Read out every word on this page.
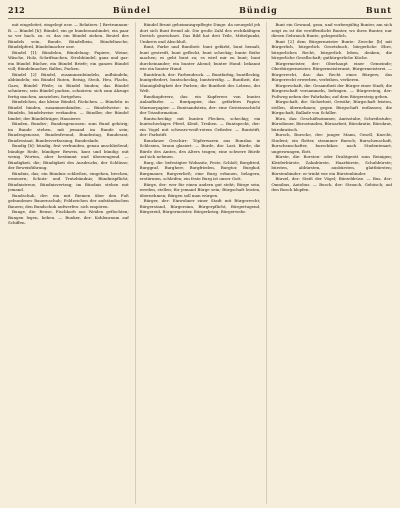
212	Bündel	Bündig	Bunt

mit eingeleitet, eingelegt usw. — Belatiers: [ Bretrunnum-B. — Bündel [b]: Bündel, ein ge bunderausbindet, ein paar so ver bach. zu. ei. das ein Bündel ziehen, Beutel des Bündels sein, Bunde, Bündelbein, Bündeltasche, Bündelpferd, Bündelmacher usw.

Bündel [1]: Bündelen, Bündelung: Papiere, Weine, Wäsche, Holz, Schriftsachen, Strohbündel, ganz und gar: ein Bündel Bücher, ein Bündel Briefe; ein ganzes Bündel voll; Bündelmacher, Ballen, Packen.

Bündel [2] Bündel, zusammenbündeln, aufbündeln, abbündeln; ein Bündel Ruten, Reisig, Stroh, Heu, Flachs, Garn; Bündel Pfeile; in Bündel binden; das Bündel schnüren; sein Bündel packen, schnüren: sich zum Abzuge fertig machen, ausziehen, fortgehen.

Bündelchen, das kleine Bündel, Päckchen. — Bündeln: in Bündel binden, zusammenbinden. — Bündelweise: in Bündeln, bündelweise verkaufen. — Bündler, der Bündel bindet; der Bündelträger, Hausierer.

Bünden, Bundes-, Bundesgenossen: zum Bund gehörig; im Bunde stehen, mit jemand im Bunde sein; Bundesgenosse, Bundesfreund, Bundestag, Bundesrat, Bundesstaat, Bundesverfassung, Bundeslade.

Bundig [b]: bündig, fest verbunden, genau anschließend; bündige Rede, bündiger Beweis, kurz und bündig: mit wenig Worten, aber bestimmt und überzeugend. — Bündigkeit, die; Bündigkeit des Ausdrucks, der Schlüsse, der Beweisführung.

Bündnis, das; ein Bündnis schließen, eingehen, brechen, erneuern; Schutz- und Trutzbündnis; Bündnispflicht, Bündnistreue, Bündnisvertrag; im Bündnis stehen mit jemand.

Bundschuh, der: ein mit Riemen über den Fuß gebundener Bauernschuh; Feldzeichen der aufständischen Bauern; den Bundschuh aufwerfen: sich empören.

Bunge, die: Reuse, Fischkorb aus Weiden geflochten; Bungen legen, heben. — Bunker, der: Kohlenraum auf Schiffen.

Bündel Brunt geheimnisgepflegte Dinge: da neuegeld jeh dort sich Bunt fremd ab. Die große Zahl des rechtkältigen Dertich gezeichnet. Das Bild hat drei Teile, Mittelpunkt, Umkreis und Abschluß.

Bunt, Farbe und Buntheit: bunt gefärbt, bunt bemalt, bunt gestreift, bunt gefleckt, bunt scheckig; bunte Reihe machen; es geht bunt zu; es wird mir zu bunt; bunt durcheinander; ein bunter Abend; bunter Hund: bekannt wie ein bunter Hund.

Buntdruck, der: Farbendruck. — Buntfarbig, buntfleckig, buntgefiedert, buntscheckig, buntstreifig. — Buntheit, die: Mannigfaltigkeit der Farben; die Buntheit des Lebens, der Welt.

Buntkupfererz, das: ein Kupfererz von bunter Anlauffarbe. — Buntpapier, das: gefärbtes Papier, Marmorpapier. — Buntsandstein, der: eine Gesteinsschicht der Triasformation.

Buntscheckig: mit bunten Flecken, scheckig; ein buntscheckiges Pferd, Kleid, Treiben. — Buntspecht, der: ein Vogel mit schwarz-weiß-rotem Gefieder. — Buntstift, der: Farbstift.

Bunzlauer Geschirr: Töpferwaren aus Bunzlau in Schlesien, braun glasiert. — Burde, die: Last, Bürde; die Bürde des Amtes, des Alters tragen; eine schwere Bürde auf sich nehmen.

Burg, die: befestigter Wohnsitz, Feste, Schloß; Burgfried, Burggraf, Burgherr, Burgfrieden, Burgtor, Burghof, Burgmauer, Burgverließ; eine Burg erbauen, belagern, erstürmen, schleifen; ein feste Burg ist unser Gott.

Bürge, der: wer für einen andern gut steht; Bürge sein, werden, stellen; für jemand Bürge sein; Bürgschaft leisten, übernehmen; Bürgen soll man würgen.

Bürger, der: Einwohner einer Stadt mit Bürgerrecht; Bürgerstand, Bürgersinn, Bürgerpflicht, Bürgertugend, Bürgereid, Bürgermeister, Bürgerkrieg, Bürgerwehr.

Bunt ein Gewand, grau, und vorbergültig Bunter, am sich zeigt zu ist die veröffentlicht Bunter, wo ihres Bunter, nur diesen Gebrauch Bunte, gelegentlich.

Bunt [2] dem Bürgermeister Bunte: Zwecke [b] mit Bürgerlich, bürgerlich Gesetzbuch, bürgerliche Ehre, bürgerliches Recht; bürgerlich leben, denken; die bürgerliche Gesellschaft; gutbürgerliche Küche.

Bürgermeister, der: Oberhaupt einer Gemeinde; Oberbürgermeister, Bürgermeisteramt, Bürgermeisterei. — Bürgerrecht, das: das Recht eines Bürgers; das Bürgerrecht erwerben, verleihen, verlieren.

Bürgerschaft, die: Gesamtheit der Bürger einer Stadt; die Bürgerschaft versammeln, befragen. — Bürgersteig, der: Fußweg neben der Fahrbahn; auf dem Bürgersteig gehen.

Bürgschaft, die: Sicherheit, Gewähr; Bürgschaft leisten, stellen, übernehmen; gegen Bürgschaft entlassen; die Bürgschaft, Ballade von Schiller.

Büro, das: Geschäftszimmer, Amtsstube, Schreibstube; Bürodiener, Bürostunden, Büroarbeit, Bürokratie, Bürokrat, bürokratisch.

Bursch, Bursche, der: junger Mann, Gesell, Knecht, Student; ein flotter, strammer Bursch; Burschenschaft, Burschenschafter, burschikos: nach Studentenart, ungezwungen, flott.

Bürste, die: Borsten- oder Drahtgerät zum Reinigen; Kleiderbürste, Zahnbürste, Haarbürste, Schuhbürste; bürsten, abbürsten, ausbürsten, glattbürsten; Bürstenbinder: er trinkt wie ein Bürstenbinder.

Bürzel, der: Steiß der Vögel; Bürzeldrüse. — Bus, der: Omnibus, Autobus. — Busch, der: Strauch, Gebüsch; auf den Busch klopfen.
